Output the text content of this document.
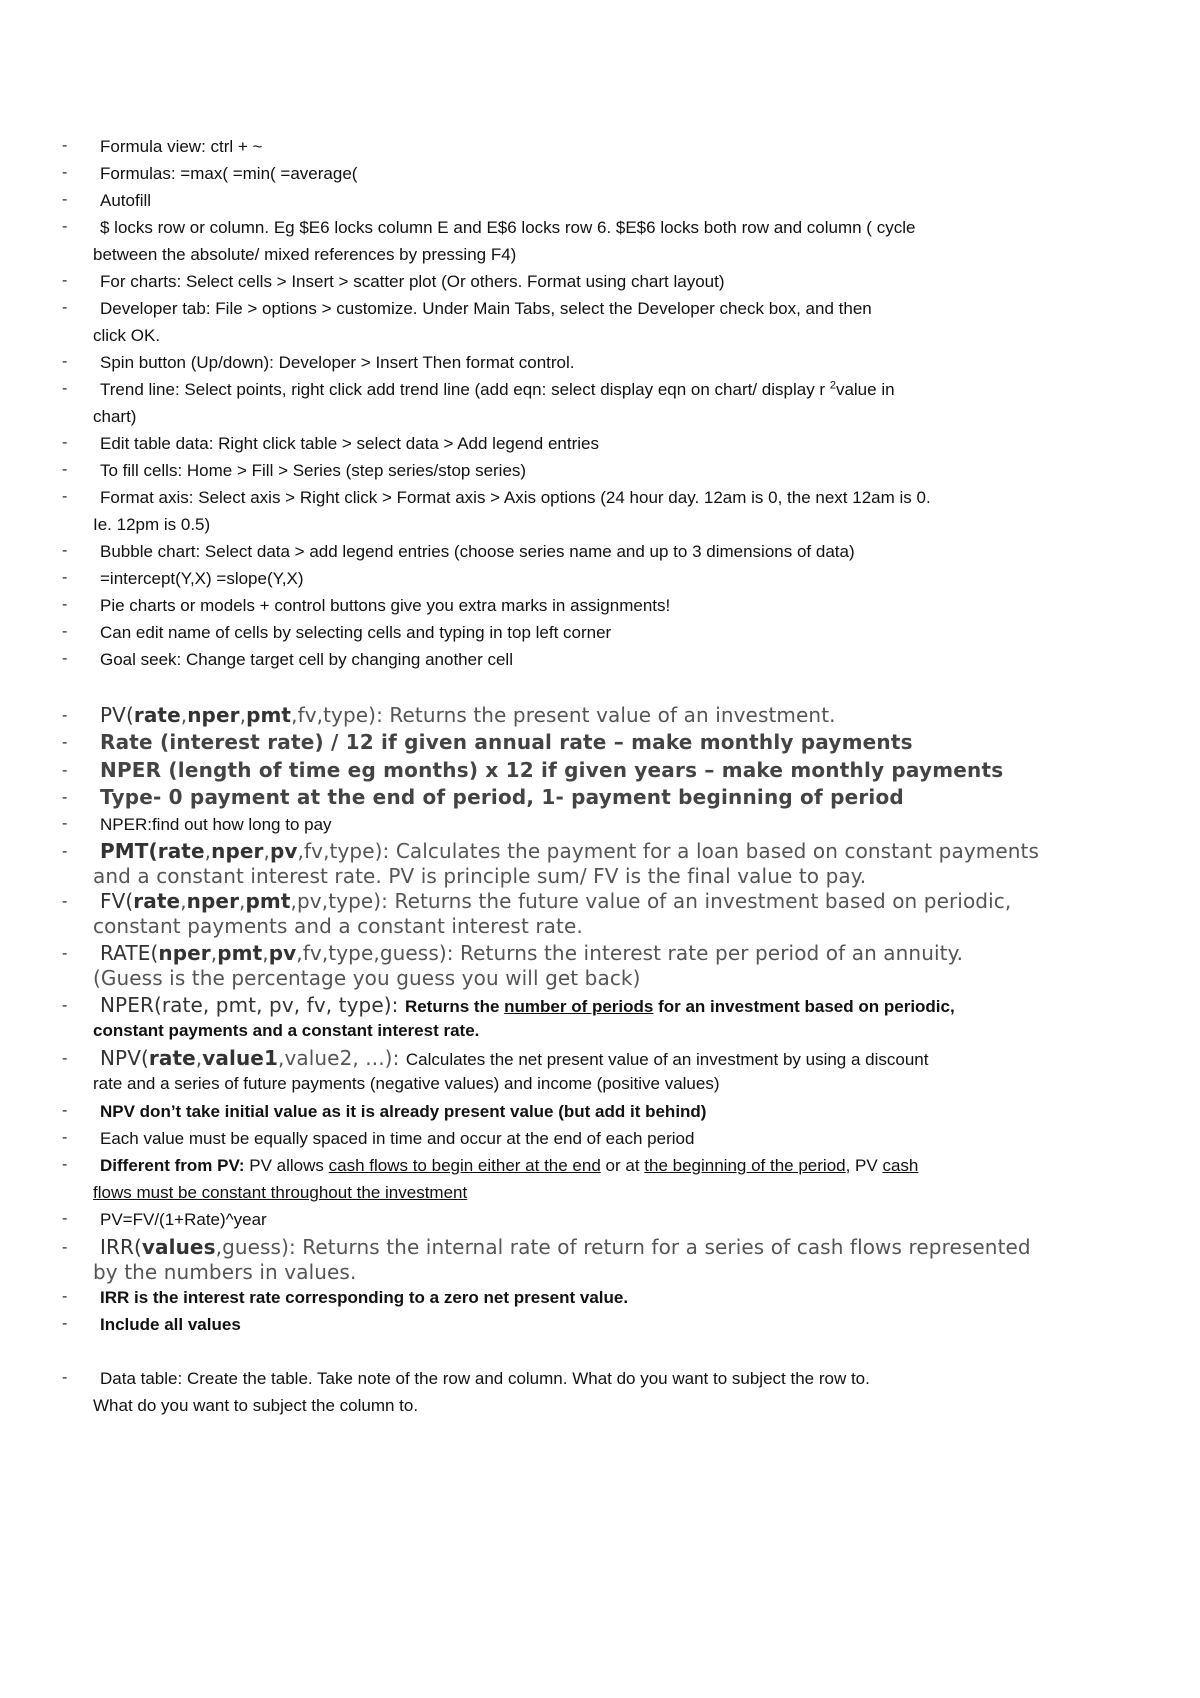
- Formula view: ctrl + ~
- Formulas: =max( =min( =average(
- Autofill
- $ locks row or column. Eg $E6 locks column E and E$6 locks row 6. $E$6 locks both row and column ( cycle
between the absolute/ mixed references by pressing F4)
- For charts: Select cells > Insert > scatter plot (Or others. Format using chart layout)
- Developer tab: File > options > customize. Under Main Tabs, select the Developer check box, and then
click OK.
- Spin button (Up/down): Developer > Insert Then format control.
- Trend line: Select points, right click add trend line (add eqn: select display eqn on chart/ display r $^2$value in
chart)
- Edit table data: Right click table > select data > Add legend entries
- To fill cells: Home > Fill > Series (step series/stop series)
- Format axis: Select axis > Right click > Format axis > Axis options (24 hour day. 12am is 0, the next 12am is 0.
Ie. 12pm is 0.5)
- Bubble chart: Select data > add legend entries (choose series name and up to 3 dimensions of data)
- =intercept(Y,X) =slope(Y,X)
- Pie charts or models + control buttons give you extra marks in assignments!
- Can edit name of cells by selecting cells and typing in top left corner
- Goal seek: Change target cell by changing another cell
- PV(rate,nper,pmt,fv,type): Returns the present value of an investment.
- Rate (interest rate) / 12 if given annual rate – make monthly payments
- NPER (length of time eg months) x 12 if given years – make monthly payments
- Type- 0 payment at the end of period, 1- payment beginning of period
- NPER:find out how long to pay
- PMT(rate,nper,pv,fv,type): Calculates the payment for a loan based on constant payments
and a constant interest rate. PV is principle sum/ FV is the final value to pay.
- FV(rate,nper,pmt,pv,type): Returns the future value of an investment based on periodic,
constant payments and a constant interest rate.
- RATE(nper,pmt,pv,fv,type,guess): Returns the interest rate per period of an annuity.
(Guess is the percentage you guess you will get back)
- NPER(rate, pmt, pv, fv, type): Returns the number of periods for an investment based on periodic,
constant payments and a constant interest rate.
- NPV(rate,value1,value2, ...): Calculates the net present value of an investment by using a discount
rate and a series of future payments (negative values) and income (positive values)
- NPV don’t take initial value as it is already present value (but add it behind)
- Each value must be equally spaced in time and occur at the end of each period
- Different from PV: PV allows cash flows to begin either at the end or at the beginning of the period, PV cash
flows must be constant throughout the investment
- PV=FV/(1+Rate)^year
- IRR(values,guess): Returns the internal rate of return for a series of cash flows represented
by the numbers in values.
- IRR is the interest rate corresponding to a zero net present value.
- Include all values
- Data table: Create the table. Take note of the row and column. What do you want to subject the row to.
What do you want to subject the column to.
